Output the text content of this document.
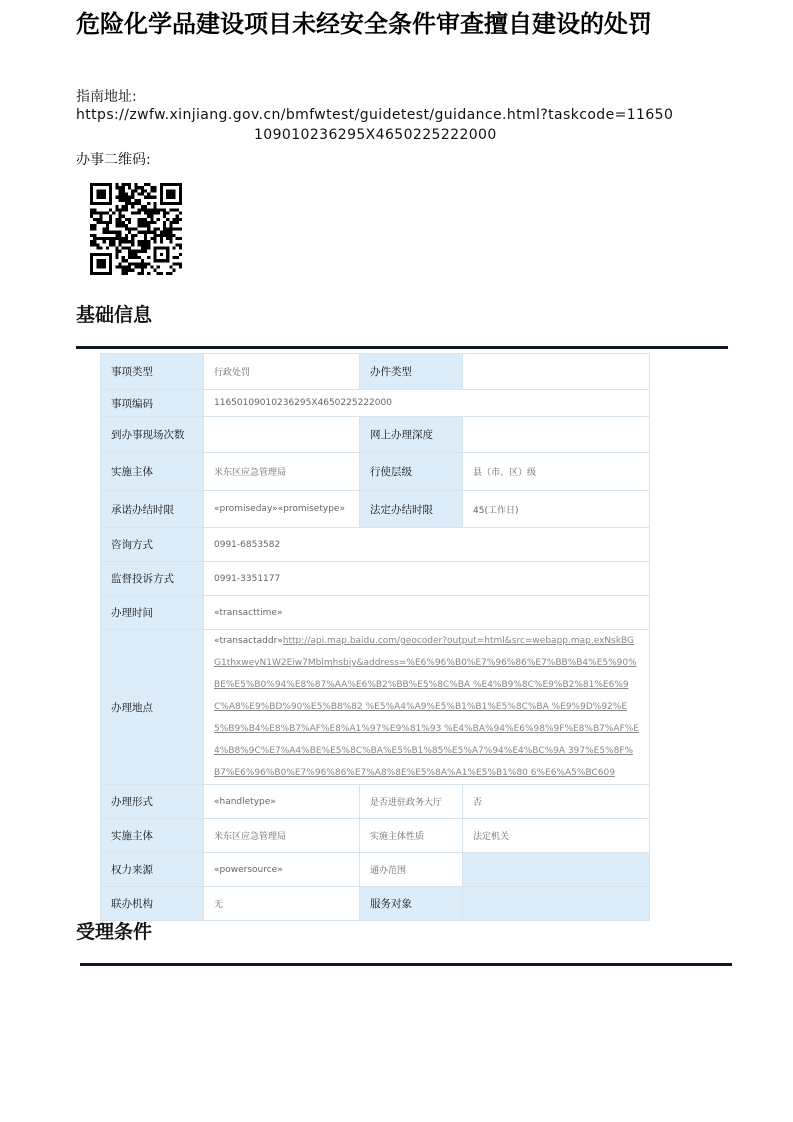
危险化学品建设项目未经安全条件审查擅自建设的处罚
指南地址:
https://zwfw.xinjiang.gov.cn/bmfwtest/guidetest/guidance.html?taskcode=11650
109010236295X4650225222000
办事二维码:
基础信息
事项类型	行政处罚	办件类型	
事项编码	11650109010236295X4650225222000		
到办事现场次数		网上办理深度	
实施主体	米东区应急管理局	行使层级	县（市、区）级
承诺办结时限	«promiseday»«promisetype»	法定办结时限	45(工作日)
咨询方式	0991-6853582		
监督投诉方式	0991-3351177		
办理时间	«transacttime»		
办理地点	«transactaddr»http://api.map.baidu.com/geocoder?output=html&src=webapp.map.exNskBGG1thxweyN1W2Eiw7Mblmhsbiy&address=%E6%96%B0%E7%96%86%E7%BB%B4%E5%90%BE%E5%B0%94%E8%87%AA%E6%B2%BB%E5%8C%BA %E4%B9%8C%E9%B2%81%E6%9C%A8%E9%BD%90%E5%B8%82 %E5%A4%A9%E5%B1%B1%E5%8C%BA %E9%9D%92%E5%B9%B4%E8%B7%AF%E8%A1%97%E9%81%93 %E4%BA%94%E6%98%9F%E8%B7%AF%E4%B8%9C%E7%A4%BE%E5%8C%BA%E5%B1%85%E5%A7%94%E4%BC%9A 397%E5%8F%B7%E6%96%B0%E7%96%86%E7%A8%8E%E5%8A%A1%E5%B1%80 6%E6%A5%BC609		
办理形式	«handletype»	是否进驻政务大厅	否
实施主体	米东区应急管理局	实施主体性质	法定机关
权力来源	«powersource»	通办范围	
联办机构	无	服务对象	
受理条件
